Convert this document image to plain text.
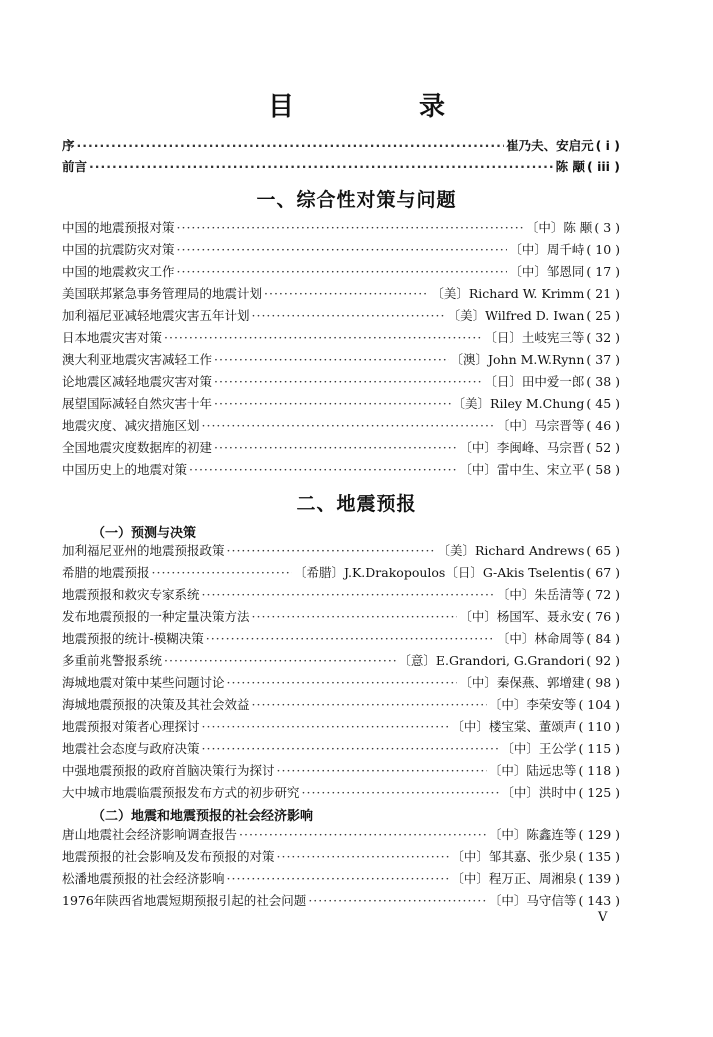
目 录
序 ·····	崔乃夫、安启元 ( i )
前言 ·····	陈 颙 ( iii )
一、综合性对策与问题
中国的地震预报对策 ·····	〔中〕陈 颙 ( 3 )
中国的抗震防灾对策 ·····	〔中〕周千峙 ( 10 )
中国的地震救灾工作 ·····	〔中〕邹恩同 ( 17 )
美国联邦紧急事务管理局的地震计划 ·····	〔美〕Richard W. Krimm ( 21 )
加利福尼亚减轻地震灾害五年计划 ·····	〔美〕Wilfred D. Iwan ( 25 )
日本地震灾害对策 ·····	〔日〕土岐宪三等 ( 32 )
澳大利亚地震灾害减轻工作 ·····	〔澳〕John M.W.Rynn ( 37 )
论地震区减轻地震灾害对策 ·····	〔日〕田中爱一郎 ( 38 )
展望国际减轻自然灾害十年 ·····	〔美〕Riley M.Chung ( 45 )
地震灾度、减灾措施区划 ·····	〔中〕马宗晋等 ( 46 )
全国地震灾度数据库的初建 ·····	〔中〕李闽峰、马宗晋 ( 52 )
中国历史上的地震对策 ·····	〔中〕雷中生、宋立平 ( 58 )
二、地震预报
（一）预测与决策
加利福尼亚州的地震预报政策 ·····	〔美〕Richard Andrews ( 65 )
希腊的地震预报 ·····	〔希腊〕J.K.Drakopoulos〔日〕G-Akis Tselentis ( 67 )
地震预报和救灾专家系统 ·····	〔中〕朱岳清等 ( 72 )
发布地震预报的一种定量决策方法 ·····	〔中〕杨国军、聂永安 ( 76 )
地震预报的统计-模糊决策 ·····	〔中〕林命周等 ( 84 )
多重前兆警报系统 ·····	〔意〕E.Grandori, G.Grandori ( 92 )
海城地震对策中某些问题讨论 ·····	〔中〕秦保燕、郭增建 ( 98 )
海城地震预报的决策及其社会效益 ·····	〔中〕李荣安等 ( 104 )
地震预报对策者心理探讨 ·····	〔中〕楼宝棠、董颂声 ( 110 )
地震社会态度与政府决策 ·····	〔中〕王公学 ( 115 )
中强地震预报的政府首脑决策行为探讨 ·····	〔中〕陆远忠等 ( 118 )
大中城市地震临震预报发布方式的初步研究 ·····	〔中〕洪时中 ( 125 )
（二）地震和地震预报的社会经济影响
唐山地震社会经济影响调查报告 ·····	〔中〕陈鑫连等 ( 129 )
地震预报的社会影响及发布预报的对策 ·····	〔中〕邹其嘉、张少泉 ( 135 )
松潘地震预报的社会经济影响 ·····	〔中〕程万正、周湘泉 ( 139 )
1976年陕西省地震短期预报引起的社会问题 ·····	〔中〕马守信等 ( 143 )
V
